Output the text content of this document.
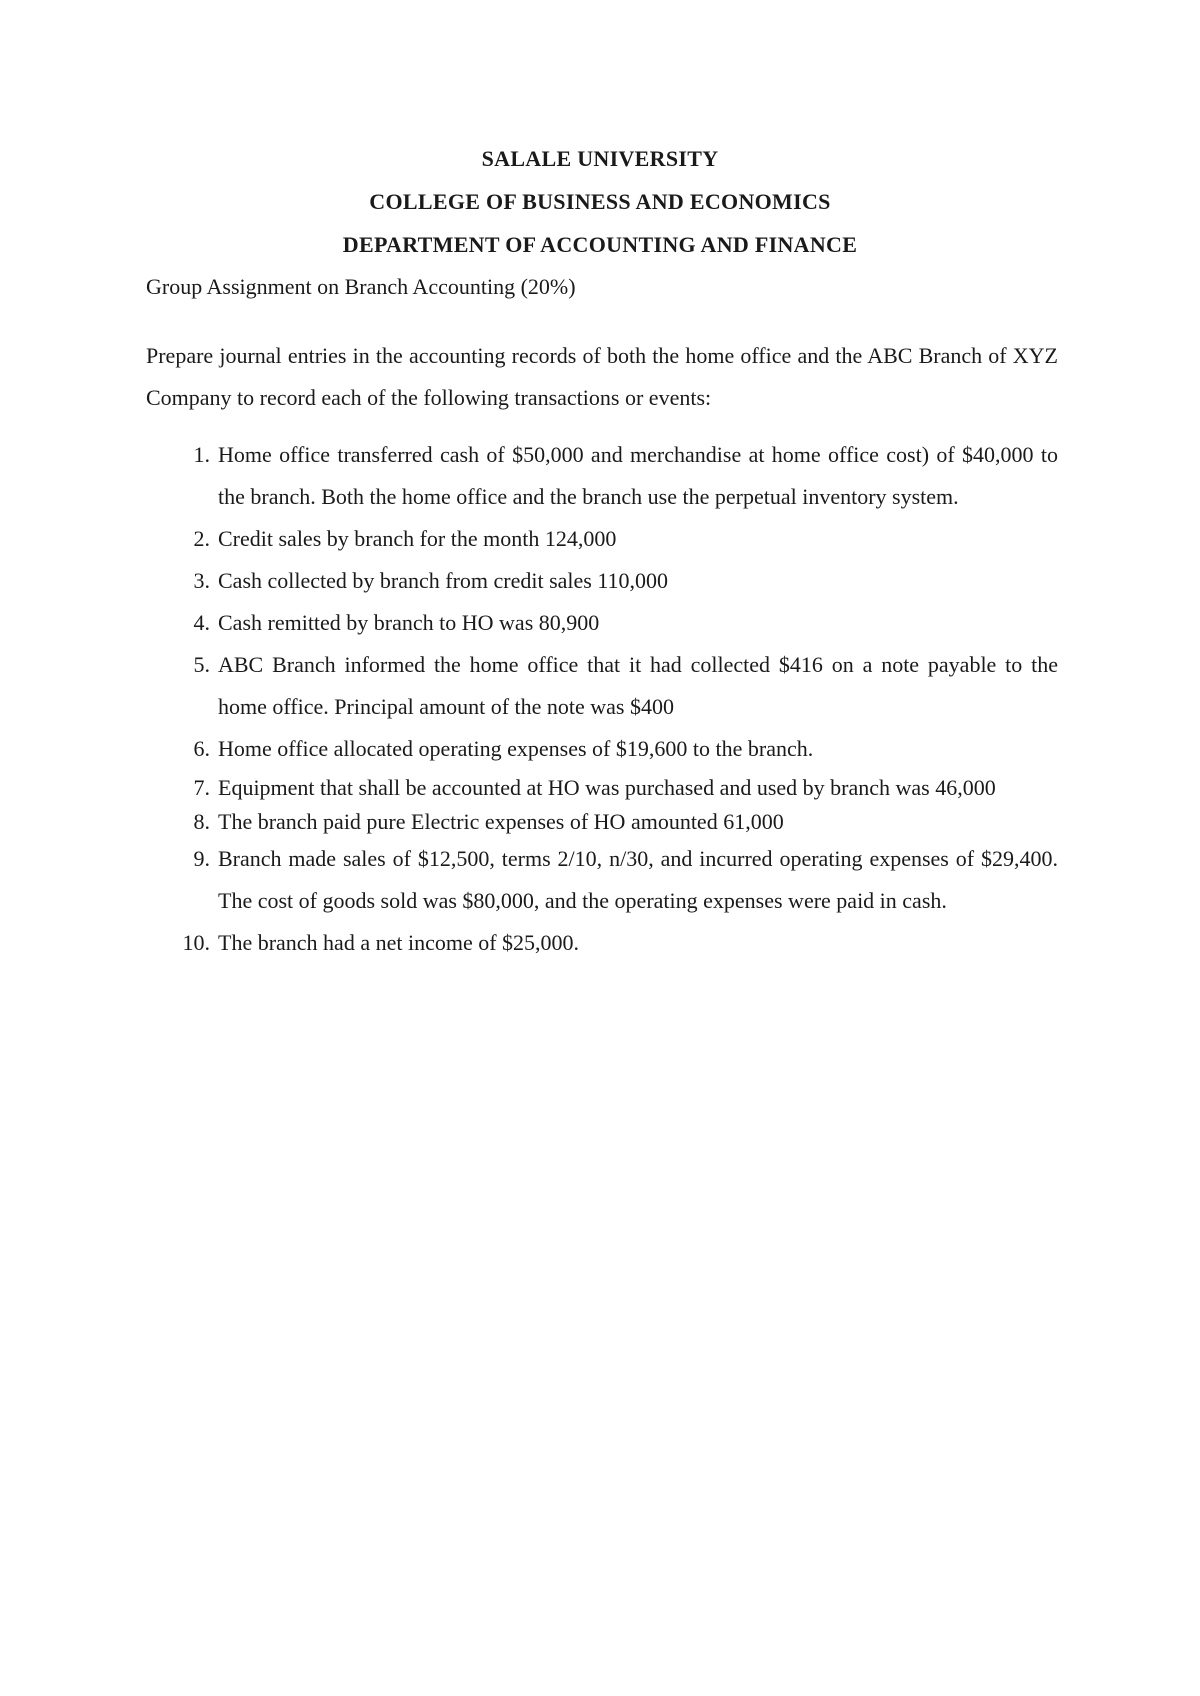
SALALE UNIVERSITY
COLLEGE OF BUSINESS AND ECONOMICS
DEPARTMENT OF ACCOUNTING AND FINANCE
Group Assignment on Branch Accounting (20%)
Prepare journal entries in the accounting records of both the home office and the ABC Branch of XYZ Company to record each of the following transactions or events:
1. Home office transferred cash of $50,000 and merchandise at home office cost) of $40,000 to the branch. Both the home office and the branch use the perpetual inventory system.
2. Credit sales by branch for the month 124,000
3. Cash collected by branch from credit sales 110,000
4. Cash remitted by branch to HO was 80,900
5. ABC Branch informed the home office that it had collected $416 on a note payable to the home office. Principal amount of the note was $400
6. Home office allocated operating expenses of $19,600 to the branch.
7. Equipment that shall be accounted at HO was purchased and used by branch was 46,000
8. The branch paid pure Electric expenses of HO amounted 61,000
9. Branch made sales of $12,500, terms 2/10, n/30, and incurred operating expenses of $29,400. The cost of goods sold was $80,000, and the operating expenses were paid in cash.
10. The branch had a net income of $25,000.
